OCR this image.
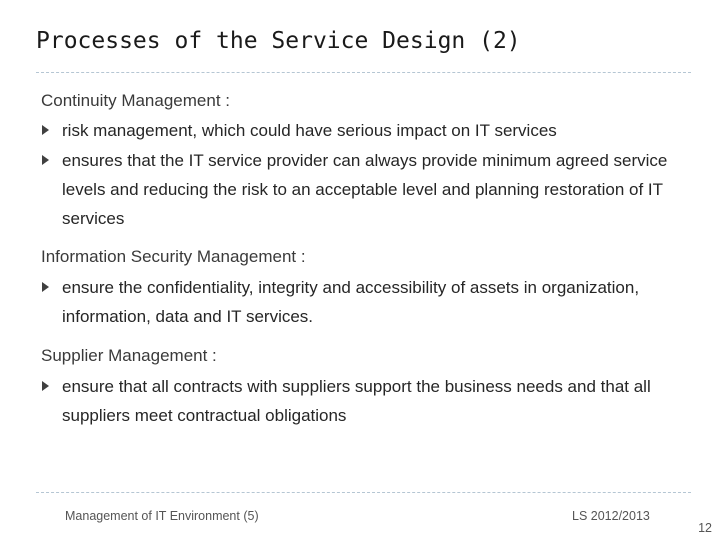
Processes of the Service Design (2)
Continuity Management :
risk management, which could have serious impact on IT services
ensures that the IT service provider can always provide minimum agreed service levels and reducing the risk to an acceptable level and planning restoration of IT services
Information Security Management :
ensure the confidentiality, integrity and accessibility of assets in organization, information, data and IT services.
Supplier Management :
ensure that all contracts with suppliers support the business needs and that all suppliers meet contractual obligations
Management of IT Environment (5)	LS 2012/2013
12
